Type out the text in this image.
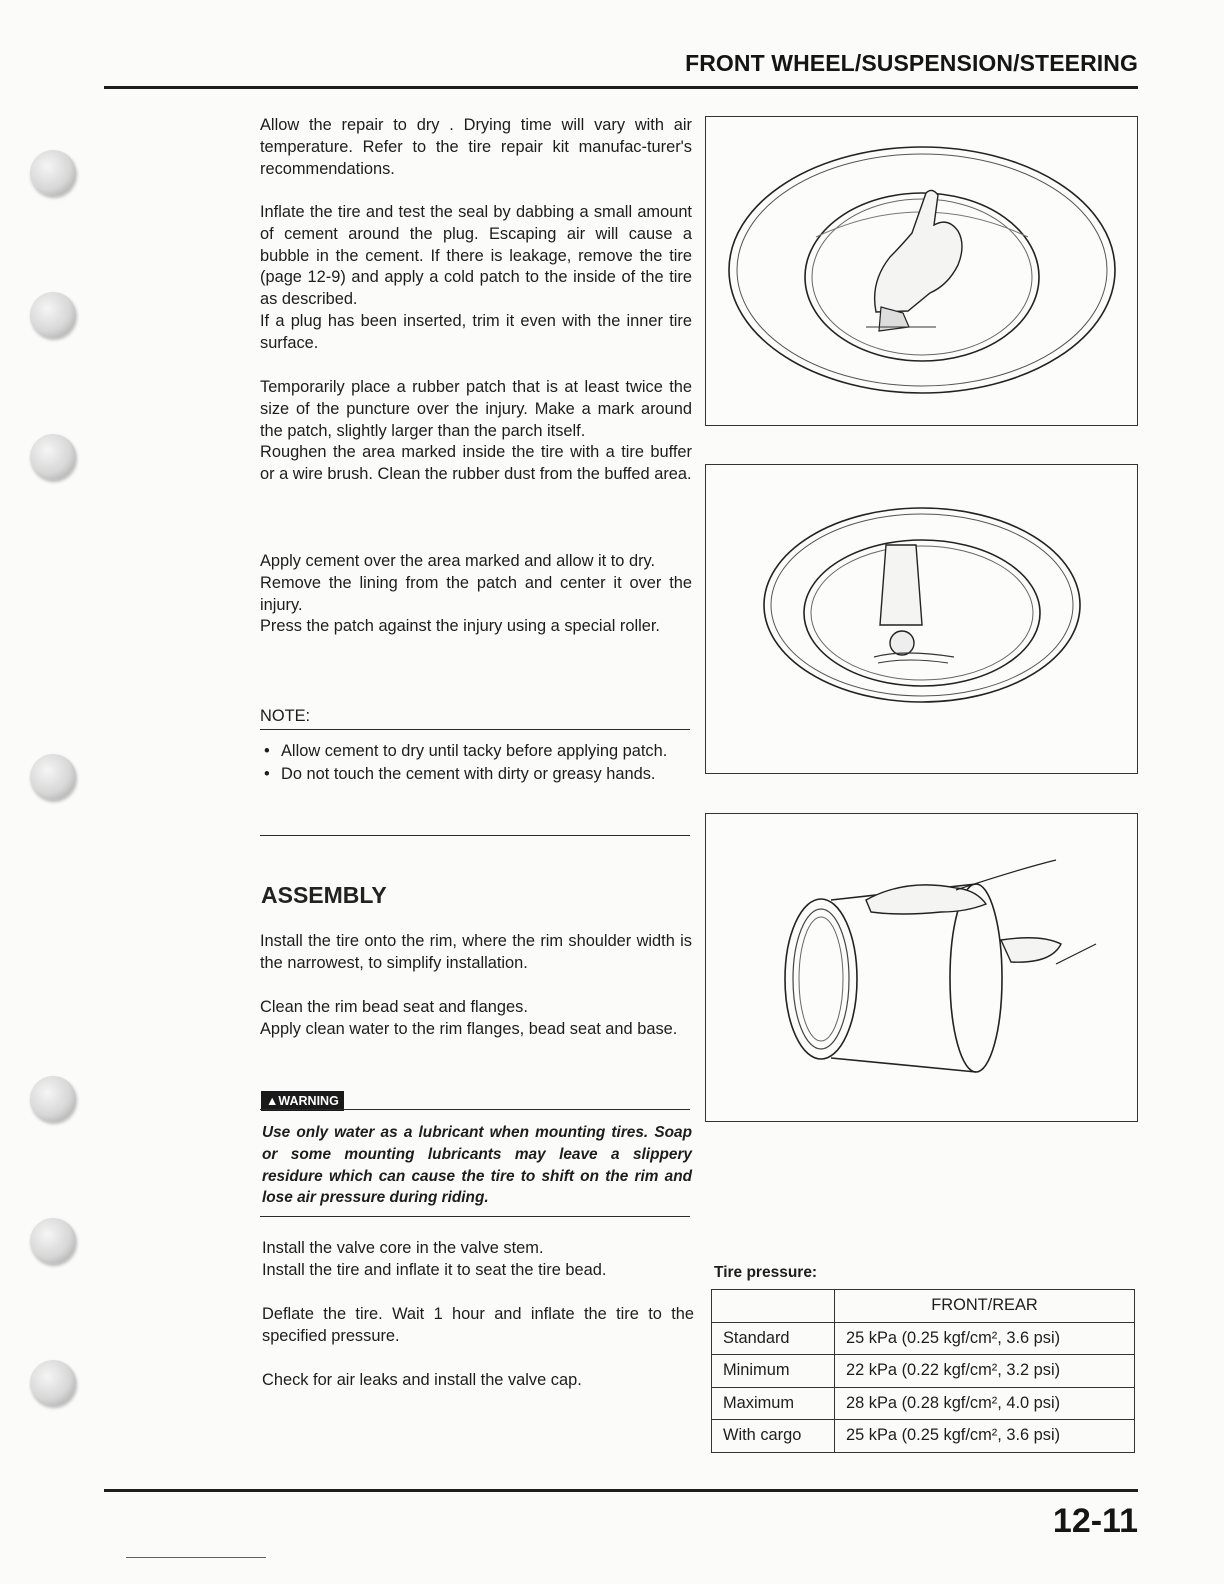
FRONT WHEEL/SUSPENSION/STEERING

Allow the repair to dry . Drying time will vary with air temperature. Refer to the tire repair kit manufac-turer's recommendations.

Inflate the tire and test the seal by dabbing a small amount of cement around the plug. Escaping air will cause a bubble in the cement. If there is leakage, remove the tire (page 12-9) and apply a cold patch to the inside of the tire as described.

If a plug has been inserted, trim it even with the inner tire surface.

Temporarily place a rubber patch that is at least twice the size of the puncture over the injury. Make a mark around the patch, slightly larger than the parch itself.

Roughen the area marked inside the tire with a tire buffer or a wire brush. Clean the rubber dust from the buffed area.

Apply cement over the area marked and allow it to dry.

Remove the lining from the patch and center it over the injury.

Press the patch against the injury using a special roller.

NOTE:
• Allow cement to dry until tacky before applying patch.
• Do not touch the cement with dirty or greasy hands.
ASSEMBLY

Install the tire onto the rim, where the rim shoulder width is the narrowest, to simplify installation.

Clean the rim bead seat and flanges.

Apply clean water to the rim flanges, bead seat and base.

▲WARNING
Use only water as a lubricant when mounting tires. Soap or some mounting lubricants may leave a slippery residure which can cause the tire to shift on the rim and lose air pressure during riding.

Install the valve core in the valve stem.

Install the tire and inflate it to seat the tire bead.

Deflate the tire. Wait 1 hour and inflate the tire to the specified pressure.

Check for air leaks and install the valve cap.

Tire pressure:
	FRONT/REAR
Standard	25 kPa (0.25 kgf/cm², 3.6 psi)
Minimum	22 kPa (0.22 kgf/cm², 3.2 psi)
Maximum	28 kPa (0.28 kgf/cm², 4.0 psi)
With cargo	25 kPa (0.25 kgf/cm², 3.6 psi)
12-11
